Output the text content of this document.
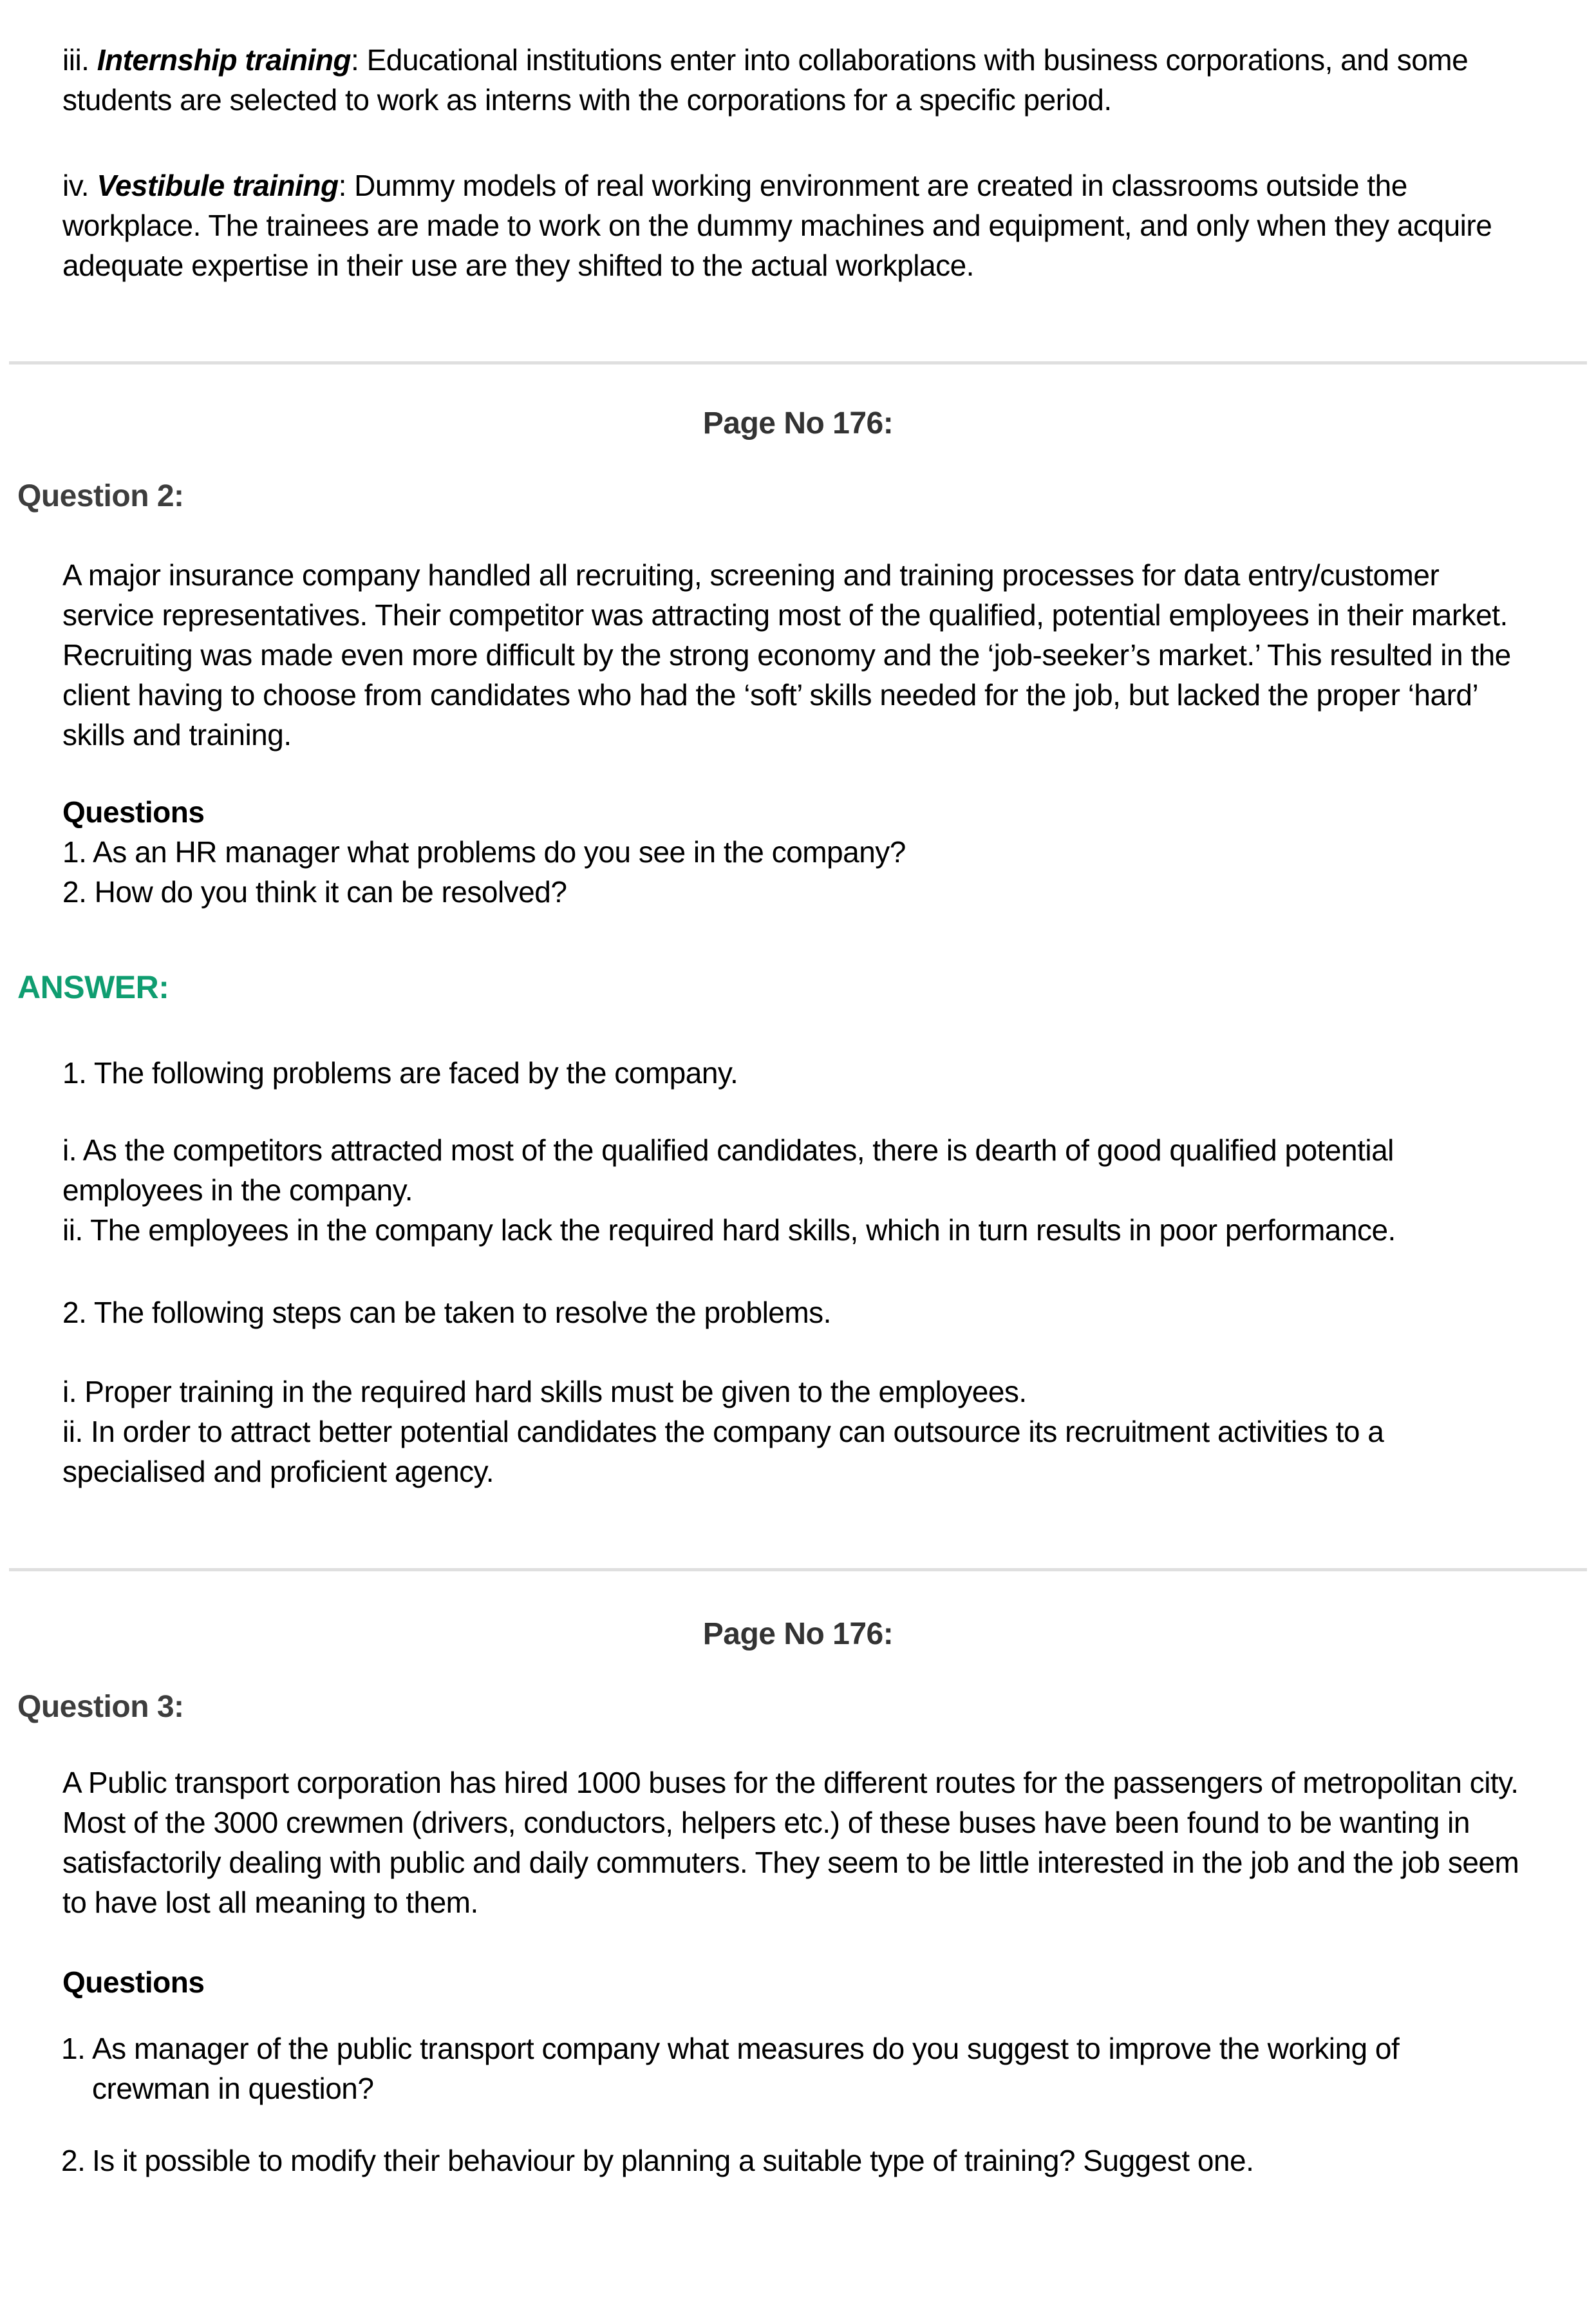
iii. Internship training: Educational institutions enter into collaborations with business corporations, and some students are selected to work as interns with the corporations for a specific period.

iv. Vestibule training: Dummy models of real working environment are created in classrooms outside the workplace. The trainees are made to work on the dummy machines and equipment, and only when they acquire adequate expertise in their use are they shifted to the actual workplace.

Page No 176:
Question 2:

A major insurance company handled all recruiting, screening and training processes for data entry/customer service representatives. Their competitor was attracting most of the qualified, potential employees in their market. Recruiting was made even more difficult by the strong economy and the ‘job-seeker’s market.’ This resulted in the client having to choose from candidates who had the ‘soft’ skills needed for the job, but lacked the proper ‘hard’ skills and training.

Questions
1. As an HR manager what problems do you see in the company?
2. How do you think it can be resolved?
ANSWER:

1. The following problems are faced by the company.

i. As the competitors attracted most of the qualified candidates, there is dearth of good qualified potential employees in the company.
ii. The employees in the company lack the required hard skills, which in turn results in poor performance.

2. The following steps can be taken to resolve the problems.

i. Proper training in the required hard skills must be given to the employees.
ii. In order to attract better potential candidates the company can outsource its recruitment activities to a specialised and proficient agency.
Page No 176:
Question 3:

A Public transport corporation has hired 1000 buses for the different routes for the passengers of metropolitan city. Most of the 3000 crewmen (drivers, conductors, helpers etc.) of these buses have been found to be wanting in satisfactorily dealing with public and daily commuters. They seem to be little interested in the job and the job seem to have lost all meaning to them.

Questions
1. As manager of the public transport company what measures do you suggest to improve the working of crewman in question?
2. Is it possible to modify their behaviour by planning a suitable type of training? Suggest one.
